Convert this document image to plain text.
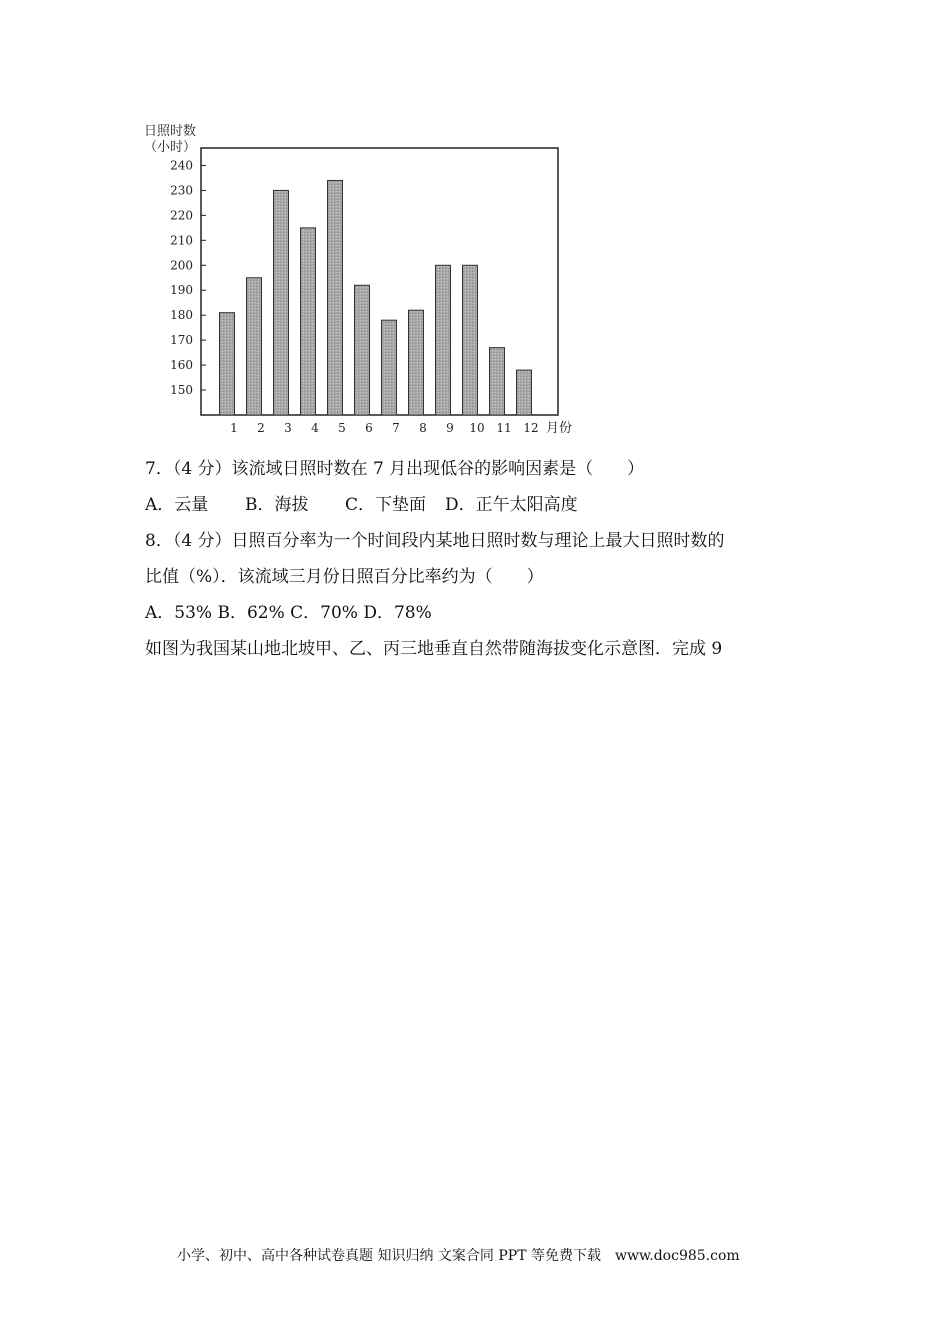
日照时数
（小时）
150
160
170
180
190
200
210
220
230
240
1 2 3 4 5 6 7 8 9 10 11 12 月份
7．（4 分）该流域日照时数在 7 月出现低谷的影响因素是（　　）
A．云量 B．海拔 C．下垫面 D．正午太阳高度
8．（4 分）日照百分率为一个时间段内某地日照时数与理论上最大日照时数的
比值（%）．该流域三月份日照百分比率约为（　　）
A．53% B．62% C．70% D．78%
如图为我国某山地北坡甲、乙、丙三地垂直自然带随海拔变化示意图．完成 9
小学、初中、高中各种试卷真题 知识归纳 文案合同 PPT 等免费下载　www.doc985.com
